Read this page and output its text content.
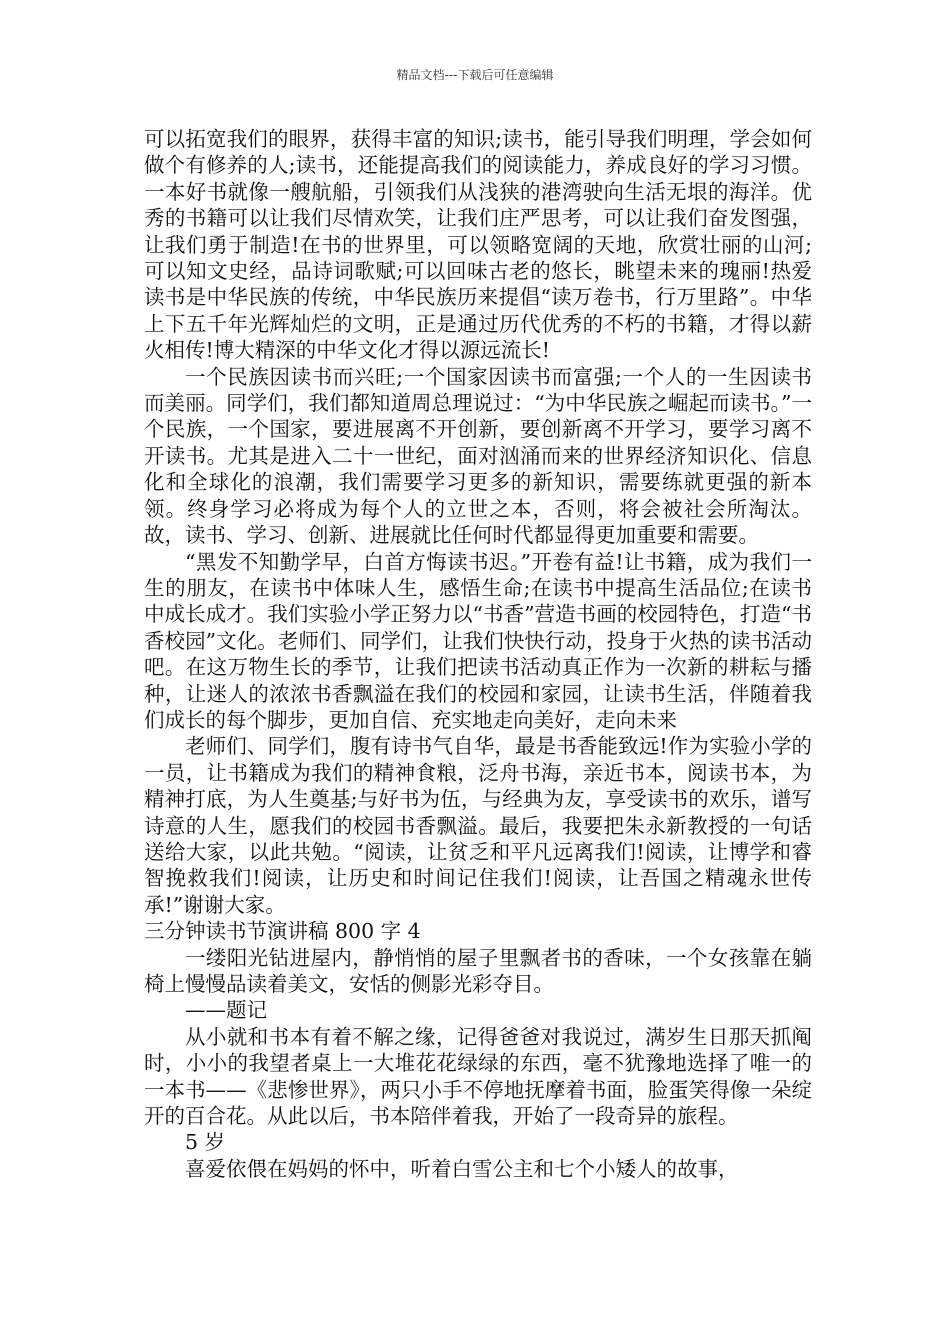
精品文档---下载后可任意编辑

可以拓宽我们的眼界，获得丰富的知识;读书，能引导我们明理，学会如何做个有修养的人;读书，还能提高我们的阅读能力，养成良好的学习习惯。一本好书就像一艘航船，引领我们从浅狭的港湾驶向生活无垠的海洋。优秀的书籍可以让我们尽情欢笑，让我们庄严思考，可以让我们奋发图强，让我们勇于制造!在书的世界里，可以领略宽阔的天地，欣赏壮丽的山河;可以知文史经，品诗词歌赋;可以回味古老的悠长，眺望未来的瑰丽!热爱读书是中华民族的传统，中华民族历来提倡“读万卷书，行万里路”。中华上下五千年光辉灿烂的文明，正是通过历代优秀的不朽的书籍，才得以薪火相传!博大精深的中华文化才得以源远流长!

一个民族因读书而兴旺;一个国家因读书而富强;一个人的一生因读书而美丽。同学们，我们都知道周总理说过：“为中华民族之崛起而读书。”一个民族，一个国家，要进展离不开创新，要创新离不开学习，要学习离不开读书。尤其是进入二十一世纪，面对汹涌而来的世界经济知识化、信息化和全球化的浪潮，我们需要学习更多的新知识，需要练就更强的新本领。终身学习必将成为每个人的立世之本，否则，将会被社会所淘汰。故，读书、学习、创新、进展就比任何时代都显得更加重要和需要。

“黑发不知勤学早，白首方悔读书迟。”开卷有益!让书籍，成为我们一生的朋友，在读书中体味人生，感悟生命;在读书中提高生活品位;在读书中成长成才。我们实验小学正努力以“书香”营造书画的校园特色，打造“书香校园”文化。老师们、同学们，让我们快快行动，投身于火热的读书活动吧。在这万物生长的季节，让我们把读书活动真正作为一次新的耕耘与播种，让迷人的浓浓书香飘溢在我们的校园和家园，让读书生活，伴随着我们成长的每个脚步，更加自信、充实地走向美好，走向未来

老师们、同学们，腹有诗书气自华，最是书香能致远!作为实验小学的一员，让书籍成为我们的精神食粮，泛舟书海，亲近书本，阅读书本，为精神打底，为人生奠基;与好书为伍，与经典为友，享受读书的欢乐，谱写诗意的人生，愿我们的校园书香飘溢。最后，我要把朱永新教授的一句话送给大家，以此共勉。“阅读，让贫乏和平凡远离我们!阅读，让博学和睿智挽救我们!阅读，让历史和时间记住我们!阅读，让吾国之精魂永世传承!”谢谢大家。

三分钟读书节演讲稿 800 字 4

一缕阳光钻进屋内，静悄悄的屋子里飘者书的香味，一个女孩靠在躺椅上慢慢品读着美文，安恬的侧影光彩夺目。

——题记

从小就和书本有着不解之缘，记得爸爸对我说过，满岁生日那天抓阄时，小小的我望者桌上一大堆花花绿绿的东西，毫不犹豫地选择了唯一的一本书——《悲惨世界》，两只小手不停地抚摩着书面，脸蛋笑得像一朵绽开的百合花。从此以后，书本陪伴着我，开始了一段奇异的旅程。

5 岁

喜爱依偎在妈妈的怀中，听着白雪公主和七个小矮人的故事，
